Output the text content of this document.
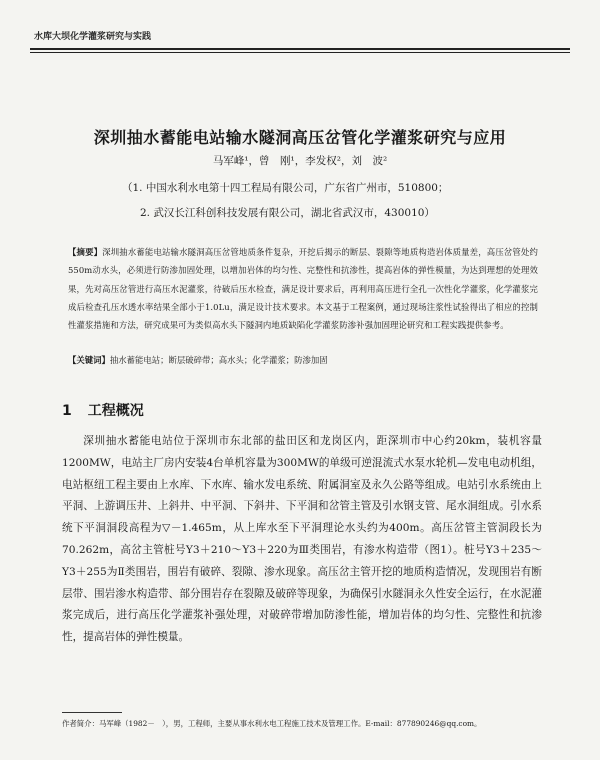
水库大坝化学灌浆研究与实践
深圳抽水蓄能电站输水隧洞高压岔管化学灌浆研究与应用
马军峰¹，曾　刚¹，李发权²，刘　波²
（1. 中国水利水电第十四工程局有限公司，广东省广州市，510800；
2. 武汉长江科创科技发展有限公司，湖北省武汉市，430010）
【摘要】深圳抽水蓄能电站输水隧洞高压岔管地质条件复杂，开挖后揭示的断层、裂隙等地质构造岩体质量差，高压岔管处约550m动水头，必须进行防渗加固处理，以增加岩体的均匀性、完整性和抗渗性，提高岩体的弹性模量，为达到理想的处理效果，先对高压岔管进行高压水泥灌浆，待破后压水检查，满足设计要求后，再利用高压进行全孔一次性化学灌浆，化学灌浆完成后检查孔压水透水率结果全部小于1.0Lu，满足设计技术要求。本文基于工程案例，通过现场注浆性试验得出了相应的控制性灌浆措施和方法，研究成果可为类似高水头下隧洞内地质缺陷化学灌浆防渗补强加固理论研究和工程实践提供参考。
【关键词】抽水蓄能电站；断层破碎带；高水头；化学灌浆；防渗加固
1 工程概况
深圳抽水蓄能电站位于深圳市东北部的盐田区和龙岗区内，距深圳市中心约20km，装机容量1200MW，电站主厂房内安装4台单机容量为300MW的单级可逆混流式水泵水轮机—发电电动机组，电站枢纽工程主要由上水库、下水库、输水发电系统、附属洞室及永久公路等组成。电站引水系统由上平洞、上游调压井、上斜井、中平洞、下斜井、下平洞和岔管主管及引水钢支管、尾水洞组成。引水系统下平洞洞段高程为▽－1.465m，从上库水至下平洞理论水头约为400m。高压岔管主管洞段长为70.262m，高岔主管桩号Y3＋210～Y3＋220为Ⅲ类围岩，有渗水构造带（图1）。桩号Y3＋235～Y3＋255为Ⅱ类围岩，围岩有破碎、裂隙、渗水现象。高压岔主管开挖的地质构造情况，发现围岩有断层带、围岩渗水构造带、部分围岩存在裂隙及破碎等现象，为确保引水隧洞永久性安全运行，在水泥灌浆完成后，进行高压化学灌浆补强处理，对破碎带增加防渗性能，增加岩体的均匀性、完整性和抗渗性，提高岩体的弹性模量。
作者简介：马军峰（1982－　），男，工程师，主要从事水利水电工程施工技术及管理工作。E-mail：877890246@qq.com。
